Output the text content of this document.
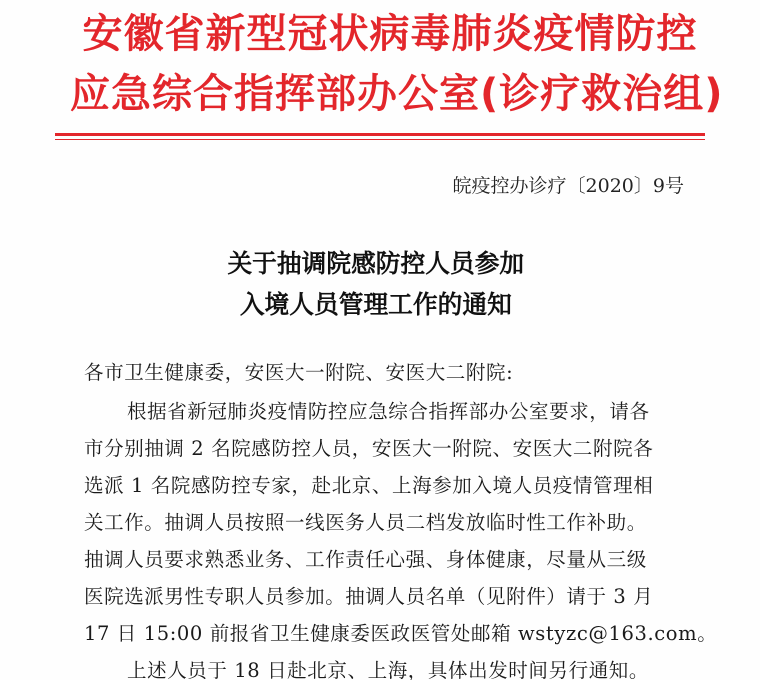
安徽省新型冠状病毒肺炎疫情防控
应急综合指挥部办公室(诊疗救治组)
皖疫控办诊疗〔2020〕9号
关于抽调院感防控人员参加
入境人员管理工作的通知
各市卫生健康委，安医大一附院、安医大二附院:
根据省新冠肺炎疫情防控应急综合指挥部办公室要求，请各
市分别抽调 2 名院感防控人员，安医大一附院、安医大二附院各
选派 1 名院感防控专家，赴北京、上海参加入境人员疫情管理相
关工作。抽调人员按照一线医务人员二档发放临时性工作补助。
抽调人员要求熟悉业务、工作责任心强、身体健康，尽量从三级
医院选派男性专职人员参加。抽调人员名单（见附件）请于 3 月
17 日 15:00 前报省卫生健康委医政医管处邮箱 wstyzc@163.com。
上述人员于 18 日赴北京、上海，具体出发时间另行通知。
